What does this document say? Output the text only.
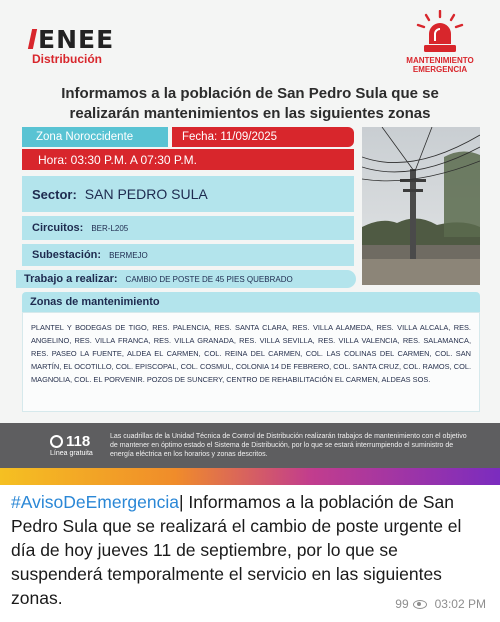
ENEE
Distribución	MANTENIMIENTO
EMERGENCIA
Informamos a la población de San Pedro Sula que se
realizarán mantenimientos en las siguientes zonas
Zona Noroccidente	Fecha: 11/09/2025
Hora: 03:30 P.M. A 07:30 P.M.
Sector: SAN PEDRO SULA
Circuitos: BER-L205
Subestación: BERMEJO
Trabajo a realizar: CAMBIO DE POSTE DE 45 PIES QUEBRADO
Zonas de mantenimiento
PLANTEL Y BODEGAS DE TIGO, RES. PALENCIA, RES. SANTA CLARA, RES. VILLA ALAMEDA, RES. VILLA ALCALA, RES. ANGELINO, RES. VILLA FRANCA, RES. VILLA GRANADA, RES. VILLA SEVILLA, RES. VILLA VALENCIA, RES. SALAMANCA, RES. PASEO LA FUENTE, ALDEA EL CARMEN, COL. REINA DEL CARMEN, COL. LAS COLINAS DEL CARMEN, COL. SAN MARTÍN, EL OCOTILLO, COL. EPISCOPAL, COL. COSMUL, COLONIA 14 DE FEBRERO, COL. SANTA CRUZ, COL. RAMOS, COL. MAGNOLIA, COL. EL PORVENIR. POZOS DE SUNCERY, CENTRO DE REHABILITACIÓN EL CARMEN, ALDEAS SOS.
118
Línea gratuita
Las cuadrillas de la Unidad Técnica de Control de Distribución realizarán trabajos de mantenimiento con el objetivo de mantener en óptimo estado el Sistema de Distribución, por lo que se estará interrumpiendo el suministro de energía eléctrica en los horarios y zonas descritos.
#AvisoDeEmergencia| Informamos a la población de San Pedro Sula que se realizará el cambio de poste urgente el día de hoy jueves 11 de septiembre, por lo que se suspenderá temporalmente el servicio en las siguientes zonas.	99 03:02 PM
